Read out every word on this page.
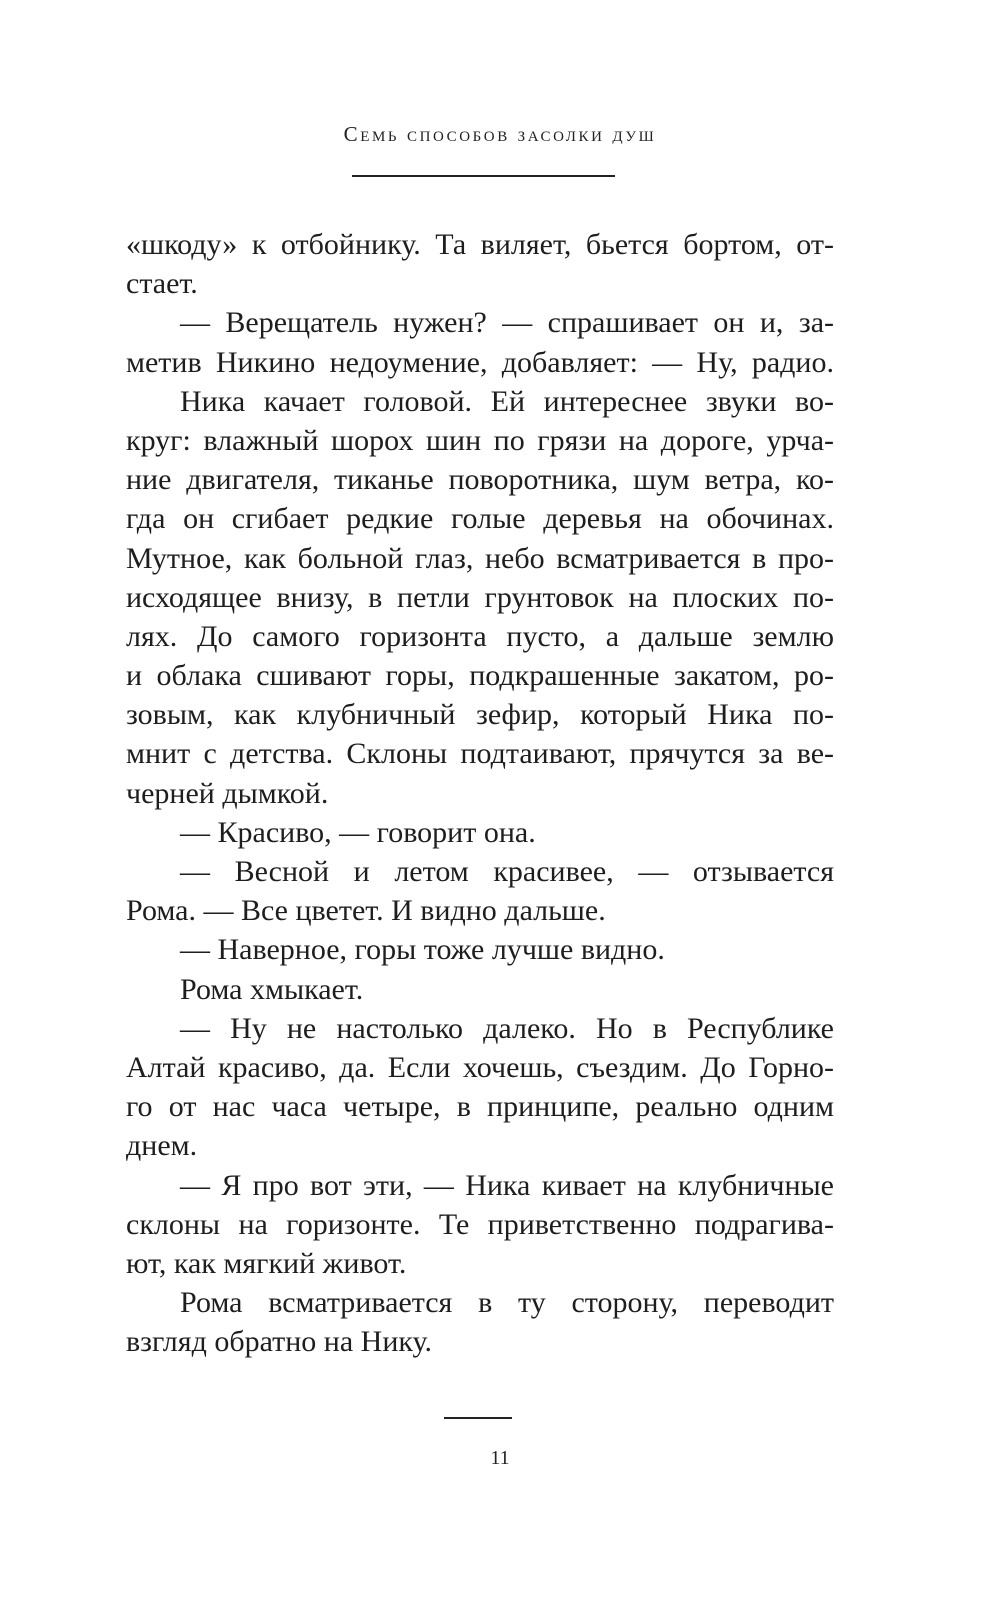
Семь способов засолки душ
«шкоду» к отбойнику. Та виляет, бьется бортом, от-
стает.
— Верещатель нужен? — спрашивает он и, за-
метив Никино недоумение, добавляет: — Ну, радио.
Ника качает головой. Ей интереснее звуки во-
круг: влажный шорох шин по грязи на дороге, урча-
ние двигателя, тиканье поворотника, шум ветра, ко-
гда он сгибает редкие голые деревья на обочинах.
Мутное, как больной глаз, небо всматривается в про-
исходящее внизу, в петли грунтовок на плоских по-
лях. До самого горизонта пусто, а дальше землю
и облака сшивают горы, подкрашенные закатом, ро-
зовым, как клубничный зефир, который Ника по-
мнит с детства. Склоны подтаивают, прячутся за ве-
черней дымкой.
— Красиво, — говорит она.
— Весной и летом красивее, — отзывается
Рома. — Все цветет. И видно дальше.
— Наверное, горы тоже лучше видно.
Рома хмыкает.
— Ну не настолько далеко. Но в Республике
Алтай красиво, да. Если хочешь, съездим. До Горно-
го от нас часа четыре, в принципе, реально одним
днем.
— Я про вот эти, — Ника кивает на клубничные
склоны на горизонте. Те приветственно подрагива-
ют, как мягкий живот.
Рома всматривается в ту сторону, переводит
взгляд обратно на Нику.
11
